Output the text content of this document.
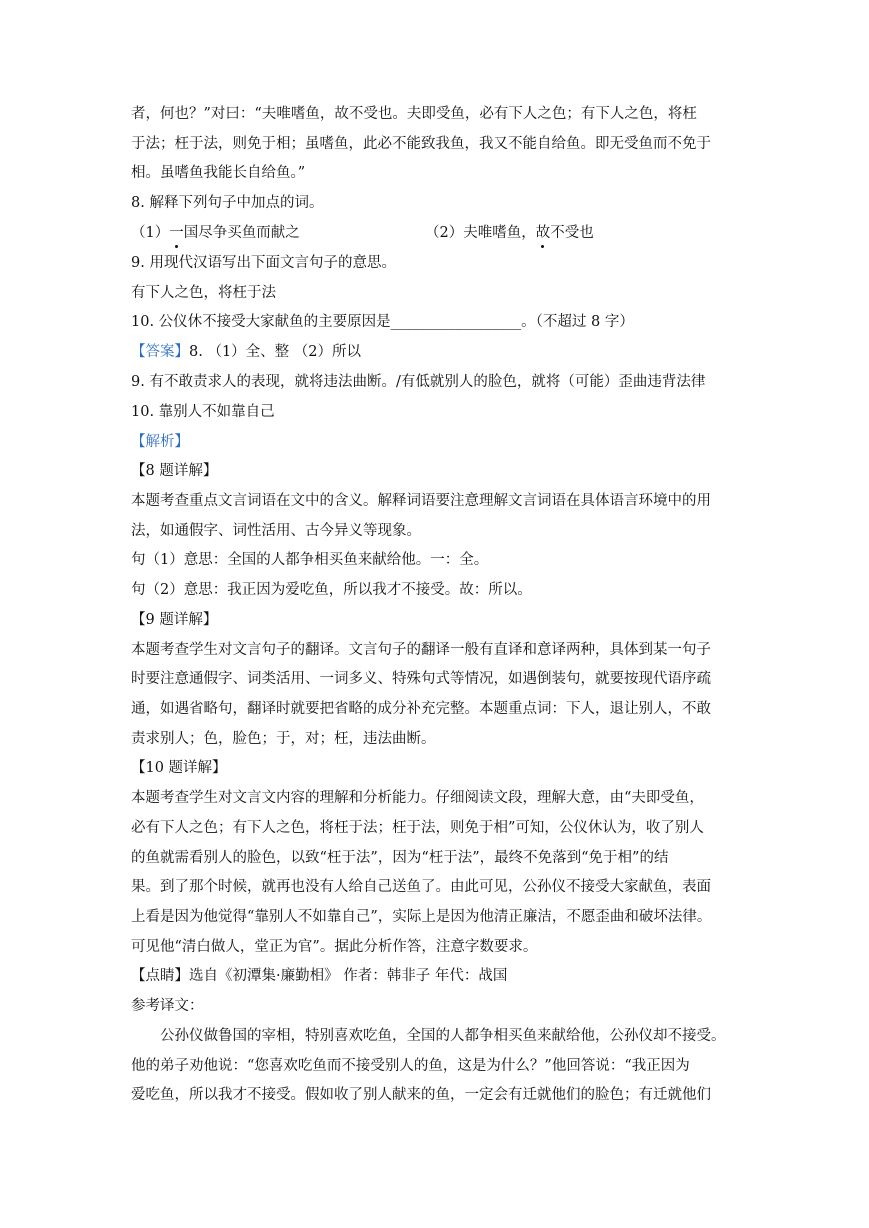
者，何也？”对曰：“夫唯嗜鱼，故不受也。夫即受鱼，必有下人之色；有下人之色，将枉
于法；枉于法，则免于相；虽嗜鱼，此必不能致我鱼，我又不能自给鱼。即无受鱼而不免于
相。虽嗜鱼我能长自给鱼。”
8. 解释下列句子中加点的词。
（1）一国尽争买鱼而献之	（2）夫唯嗜鱼，故不受也
9. 用现代汉语写出下面文言句子的意思。
有下人之色，将枉于法
10. 公仪休不接受大家献鱼的主要原因是__________________。（不超过 8 字）
【答案】8. （1）全、整 （2）所以
9. 有不敢责求人的表现，就将违法曲断。/有低就别人的脸色，就将（可能）歪曲违背法律
10. 靠别人不如靠自己
【解析】
【8 题详解】
本题考查重点文言词语在文中的含义。解释词语要注意理解文言词语在具体语言环境中的用
法，如通假字、词性活用、古今异义等现象。
句（1）意思：全国的人都争相买鱼来献给他。一：全。
句（2）意思：我正因为爱吃鱼，所以我才不接受。故：所以。
【9 题详解】
本题考查学生对文言句子的翻译。文言句子的翻译一般有直译和意译两种，具体到某一句子
时要注意通假字、词类活用、一词多义、特殊句式等情况，如遇倒装句，就要按现代语序疏
通，如遇省略句，翻译时就要把省略的成分补充完整。本题重点词：下人，退让别人，不敢
责求别人；色，脸色；于，对；枉，违法曲断。
【10 题详解】
本题考查学生对文言文内容的理解和分析能力。仔细阅读文段，理解大意，由“夫即受鱼，
必有下人之色；有下人之色，将枉于法；枉于法，则免于相”可知，公仪休认为，收了别人
的鱼就需看别人的脸色，以致“枉于法”，因为“枉于法”，最终不免落到“免于相”的结
果。到了那个时候，就再也没有人给自己送鱼了。由此可见，公孙仪不接受大家献鱼，表面
上看是因为他觉得“靠别人不如靠自己”，实际上是因为他清正廉洁，不愿歪曲和破坏法律。
可见他“清白做人，堂正为官”。据此分析作答，注意字数要求。
【点睛】选自《初潭集·廉勤相》 作者：韩非子 年代：战国
参考译文：
公孙仪做鲁国的宰相，特别喜欢吃鱼，全国的人都争相买鱼来献给他，公孙仪却不接受。
他的弟子劝他说：“您喜欢吃鱼而不接受别人的鱼，这是为什么？”他回答说：“我正因为
爱吃鱼，所以我才不接受。假如收了别人献来的鱼，一定会有迁就他们的脸色；有迁就他们
